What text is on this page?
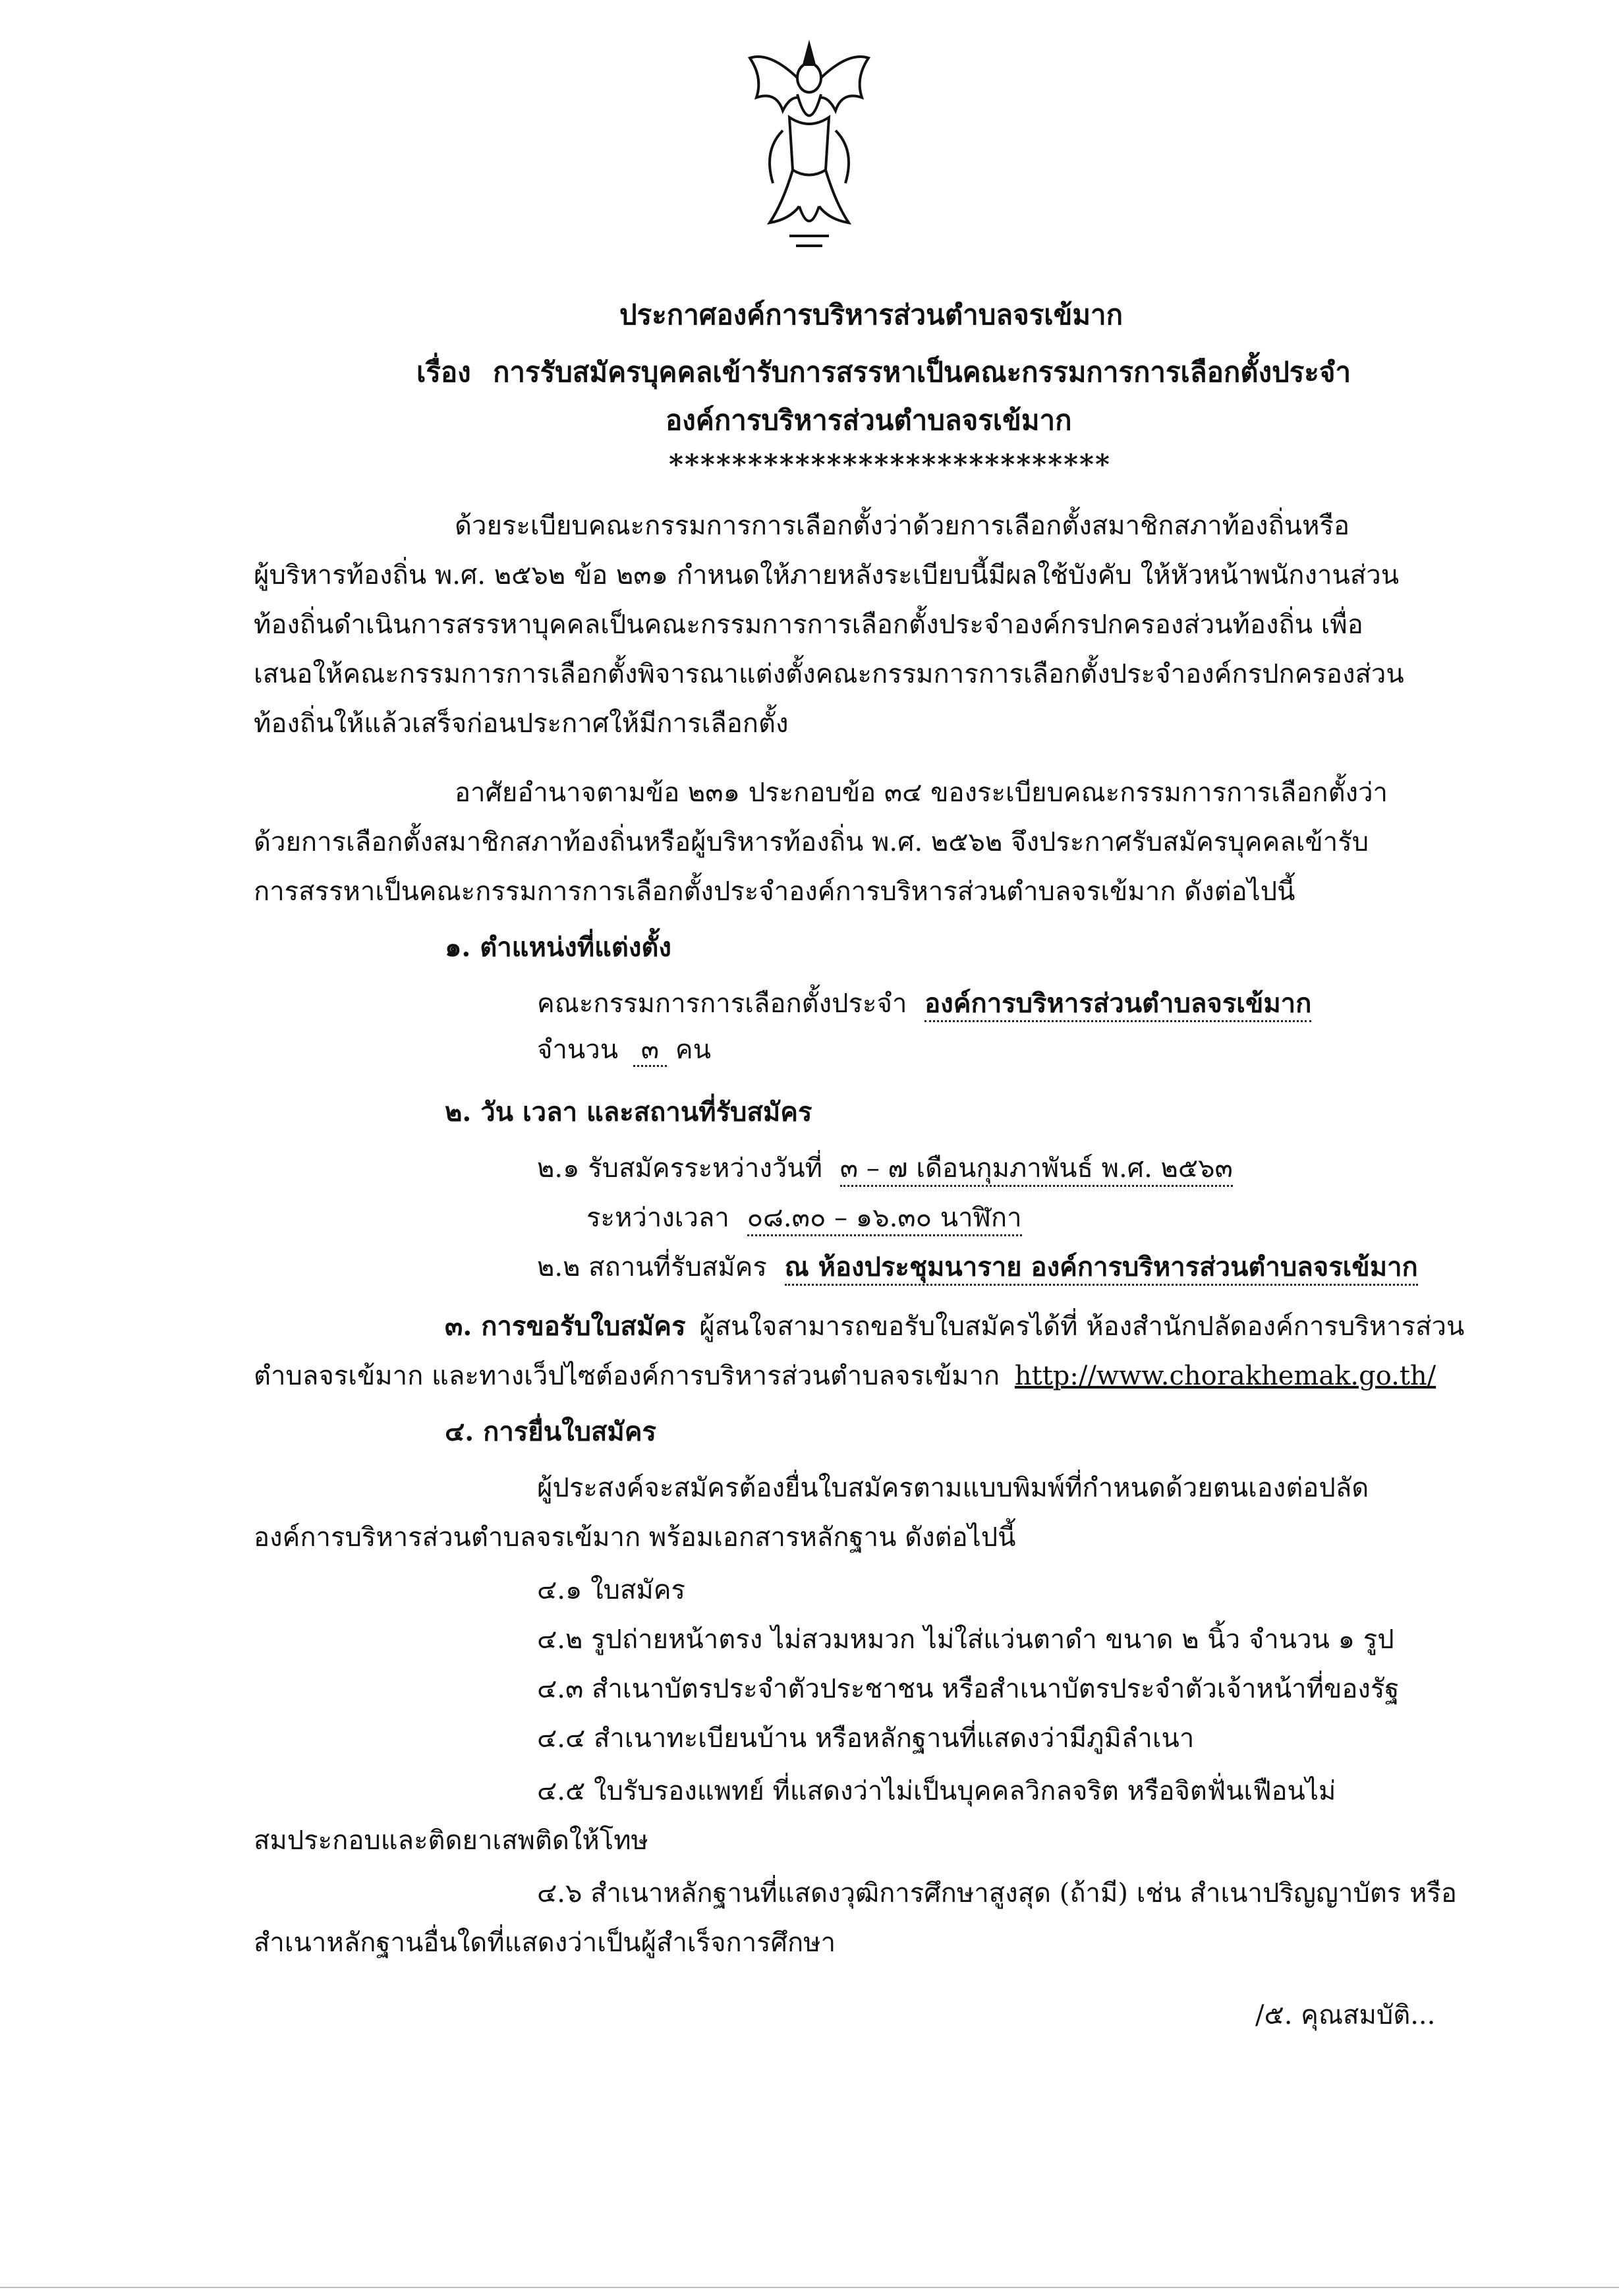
ประกาศองค์การบริหารส่วนตำบลจรเข้มาก
เรื่อง การรับสมัครบุคคลเข้ารับการสรรหาเป็นคณะกรรมการการเลือกตั้งประจำ
องค์การบริหารส่วนตำบลจรเข้มาก
****************************
ด้วยระเบียบคณะกรรมการการเลือกตั้งว่าด้วยการเลือกตั้งสมาชิกสภาท้องถิ่นหรือ
ผู้บริหารท้องถิ่น พ.ศ. ๒๕๖๒ ข้อ ๒๓๑ กำหนดให้ภายหลังระเบียบนี้มีผลใช้บังคับ ให้หัวหน้าพนักงานส่วน
ท้องถิ่นดำเนินการสรรหาบุคคลเป็นคณะกรรมการการเลือกตั้งประจำองค์กรปกครองส่วนท้องถิ่น เพื่อ
เสนอให้คณะกรรมการการเลือกตั้งพิจารณาแต่งตั้งคณะกรรมการการเลือกตั้งประจำองค์กรปกครองส่วน
ท้องถิ่นให้แล้วเสร็จก่อนประกาศให้มีการเลือกตั้ง
อาศัยอำนาจตามข้อ ๒๓๑ ประกอบข้อ ๓๔ ของระเบียบคณะกรรมการการเลือกตั้งว่า
ด้วยการเลือกตั้งสมาชิกสภาท้องถิ่นหรือผู้บริหารท้องถิ่น พ.ศ. ๒๕๖๒ จึงประกาศรับสมัครบุคคลเข้ารับ
การสรรหาเป็นคณะกรรมการการเลือกตั้งประจำองค์การบริหารส่วนตำบลจรเข้มาก ดังต่อไปนี้
๑. ตำแหน่งที่แต่งตั้ง
คณะกรรมการการเลือกตั้งประจำ องค์การบริหารส่วนตำบลจรเข้มาก
จำนวน ๓ คน
๒. วัน เวลา และสถานที่รับสมัคร
๒.๑ รับสมัครระหว่างวันที่ ๓ – ๗ เดือนกุมภาพันธ์ พ.ศ. ๒๕๖๓
ระหว่างเวลา ๐๘.๓๐ – ๑๖.๓๐ นาฬิกา
๒.๒ สถานที่รับสมัคร ณ ห้องประชุมนาราย องค์การบริหารส่วนตำบลจรเข้มาก
๓. การขอรับใบสมัคร ผู้สนใจสามารถขอรับใบสมัครได้ที่ ห้องสำนักปลัดองค์การบริหารส่วน
ตำบลจรเข้มาก และทางเว็ปไซต์องค์การบริหารส่วนตำบลจรเข้มาก http://www.chorakhemak.go.th/
๔. การยื่นใบสมัคร
ผู้ประสงค์จะสมัครต้องยื่นใบสมัครตามแบบพิมพ์ที่กำหนดด้วยตนเองต่อปลัด
องค์การบริหารส่วนตำบลจรเข้มาก พร้อมเอกสารหลักฐาน ดังต่อไปนี้
๔.๑ ใบสมัคร
๔.๒ รูปถ่ายหน้าตรง ไม่สวมหมวก ไม่ใส่แว่นตาดำ ขนาด ๒ นิ้ว จำนวน ๑ รูป
๔.๓ สำเนาบัตรประจำตัวประชาชน หรือสำเนาบัตรประจำตัวเจ้าหน้าที่ของรัฐ
๔.๔ สำเนาทะเบียนบ้าน หรือหลักฐานที่แสดงว่ามีภูมิลำเนา
๔.๕ ใบรับรองแพทย์ ที่แสดงว่าไม่เป็นบุคคลวิกลจริต หรือจิตฟั่นเฟือนไม่
สมประกอบและติดยาเสพติดให้โทษ
๔.๖ สำเนาหลักฐานที่แสดงวุฒิการศึกษาสูงสุด (ถ้ามี) เช่น สำเนาปริญญาบัตร หรือ
สำเนาหลักฐานอื่นใดที่แสดงว่าเป็นผู้สำเร็จการศึกษา
/๕. คุณสมบัติ...
